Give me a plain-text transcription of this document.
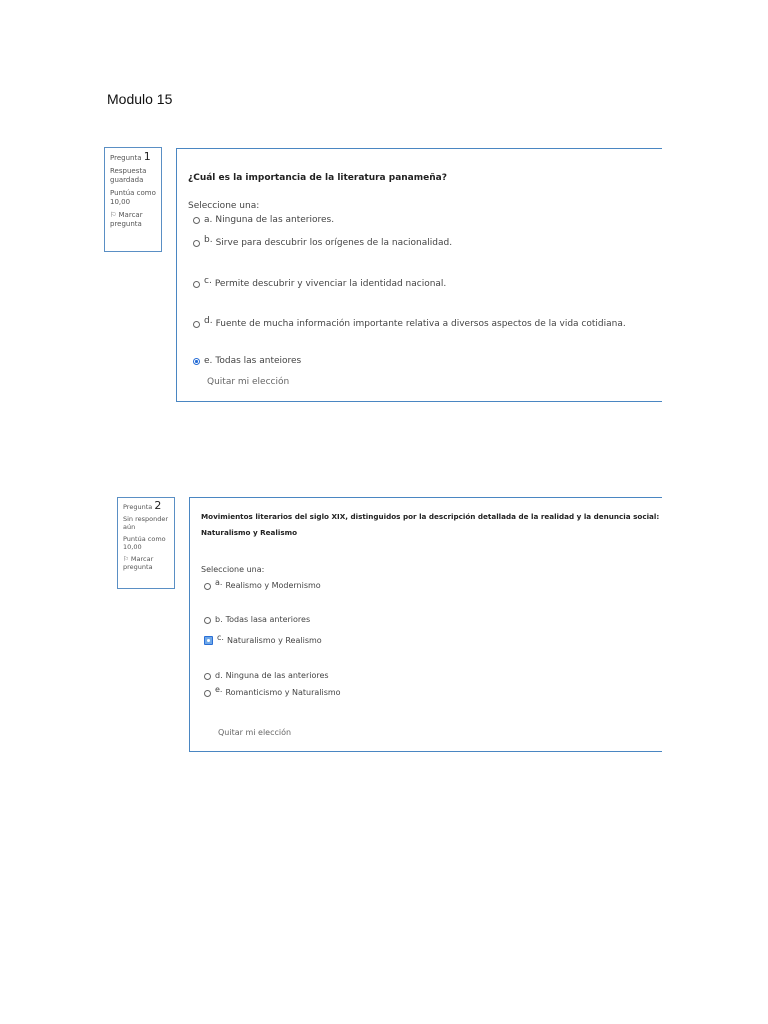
Modulo 15
Pregunta 1
Respuesta guardada
Puntúa como 10,00
⚐ Marcar pregunta
¿Cuál es la importancia de la literatura panameña?
Seleccione una:
a. Ninguna de las anteriores.
b. Sirve para descubrir los orígenes de la nacionalidad.
c. Permite descubrir y vivenciar la identidad nacional.
d. Fuente de mucha información importante relativa a diversos aspectos de la vida cotidiana.
e. Todas las anteiores
Quitar mi elección
Pregunta 2
Sin responder aún
Puntúa como 10,00
⚐ Marcar pregunta
Movimientos literarios del siglo XIX, distinguidos por la descripción detallada de la realidad y la denuncia social:
Naturalismo y Realismo
Seleccione una:
a. Realismo y Modernismo
b. Todas lasa anteriores
c. Naturalismo y Realismo
d. Ninguna de las anteriores
e. Romanticismo y Naturalismo
Quitar mi elección
